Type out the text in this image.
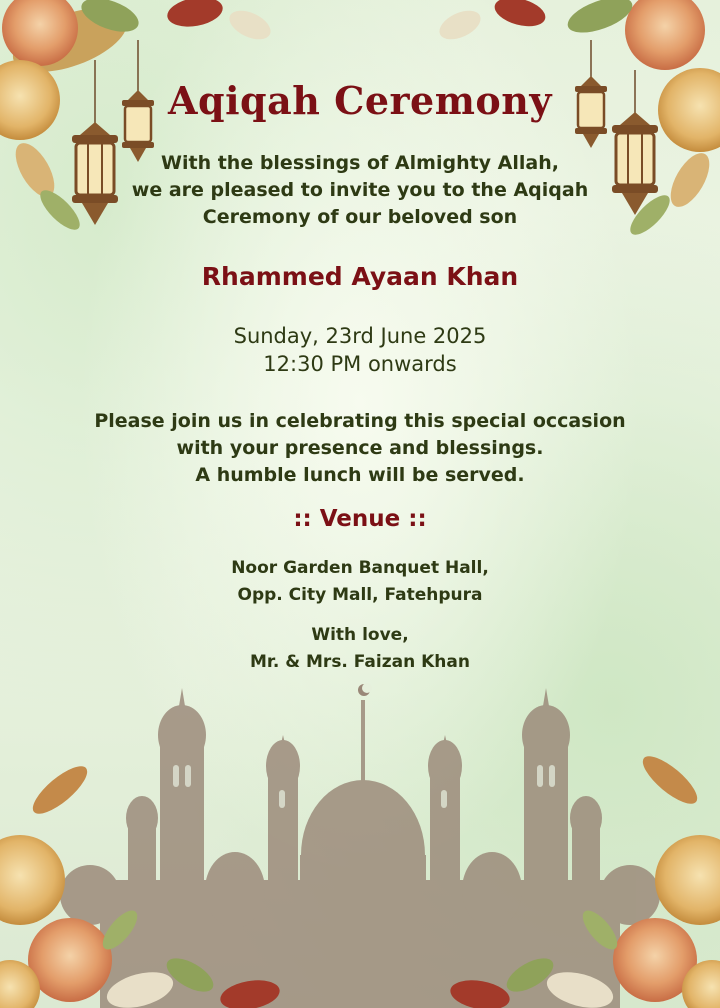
Aqiqah Ceremony
With the blessings of Almighty Allah,
we are pleased to invite you to the Aqiqah
Ceremony of our beloved son
Rhammed Ayaan Khan
Sunday, 23rd June 2025
12:30 PM onwards
Please join us in celebrating this special occasion
with your presence and blessings.
A humble lunch will be served.
:: Venue ::
Noor Garden Banquet Hall,
Opp. City Mall, Fatehpura
With love,
Mr. & Mrs. Faizan Khan
